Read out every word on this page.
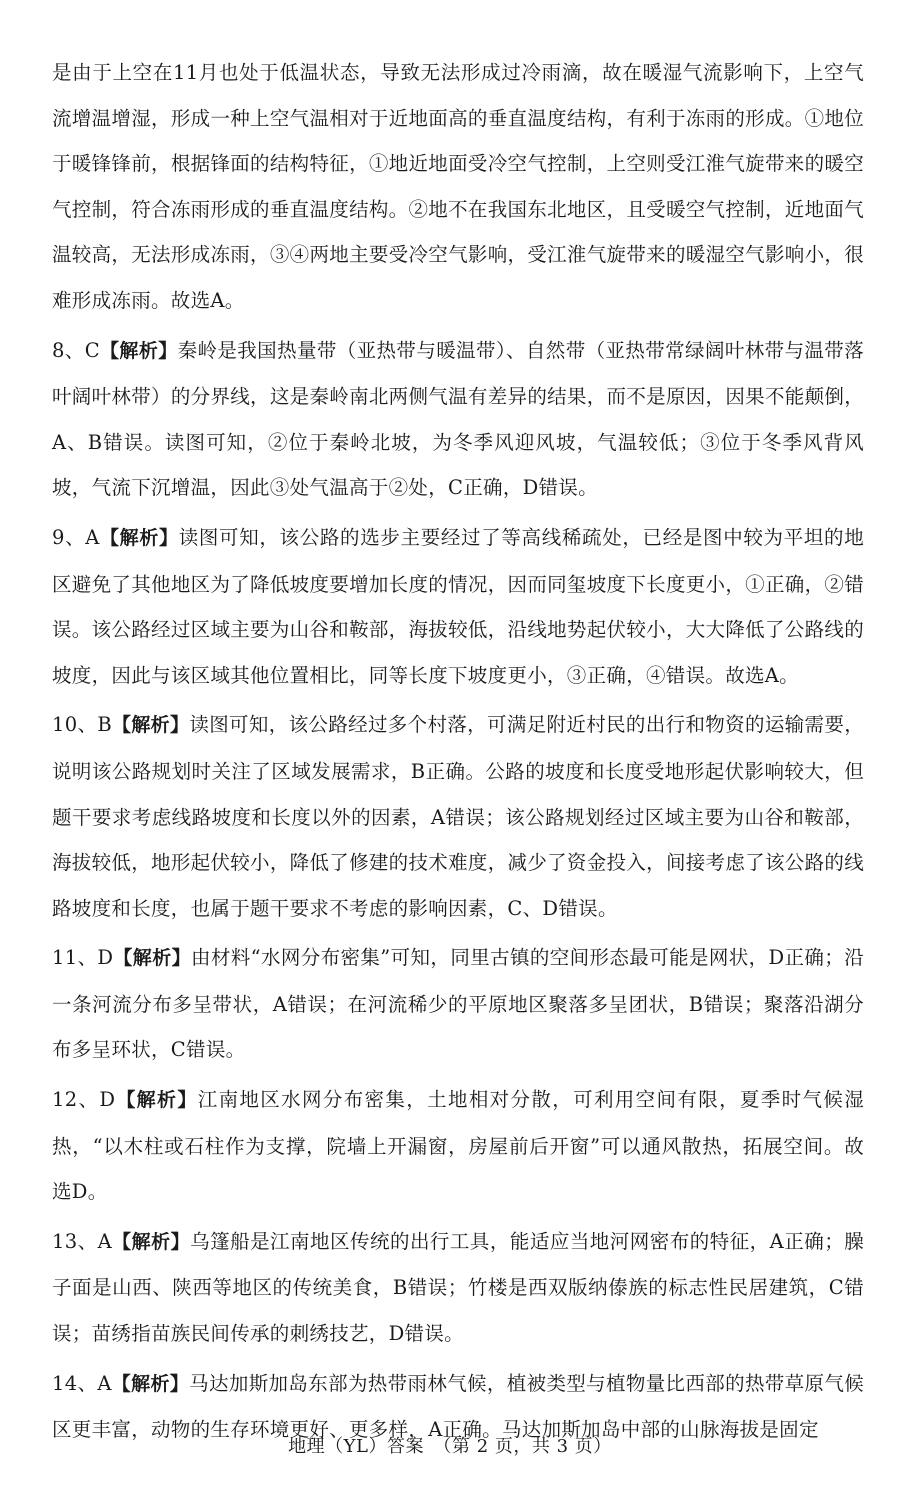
是由于上空在11月也处于低温状态，导致无法形成过冷雨滴，故在暖湿气流影响下，上空气流增温增湿，形成一种上空气温相对于近地面高的垂直温度结构，有利于冻雨的形成。①地位于暖锋锋前，根据锋面的结构特征，①地近地面受冷空气控制，上空则受江淮气旋带来的暖空气控制，符合冻雨形成的垂直温度结构。②地不在我国东北地区，且受暖空气控制，近地面气温较高，无法形成冻雨，③④两地主要受冷空气影响，受江淮气旋带来的暖湿空气影响小，很难形成冻雨。故选A。

8、C【解析】秦岭是我国热量带（亚热带与暖温带）、自然带（亚热带常绿阔叶林带与温带落叶阔叶林带）的分界线，这是秦岭南北两侧气温有差异的结果，而不是原因，因果不能颠倒，A、B错误。读图可知，②位于秦岭北坡，为冬季风迎风坡，气温较低；③位于冬季风背风坡，气流下沉增温，因此③处气温高于②处，C正确，D错误。

9、A【解析】读图可知，该公路的选步主要经过了等高线稀疏处，已经是图中较为平坦的地区避免了其他地区为了降低坡度要增加长度的情况，因而同玺坡度下长度更小，①正确，②错误。该公路经过区域主要为山谷和鞍部，海拔较低，沿线地势起伏较小，大大降低了公路线的坡度，因此与该区域其他位置相比，同等长度下坡度更小，③正确，④错误。故选A。

10、B【解析】读图可知，该公路经过多个村落，可满足附近村民的出行和物资的运输需要，说明该公路规划时关注了区域发展需求，B正确。公路的坡度和长度受地形起伏影响较大，但题干要求考虑线路坡度和长度以外的因素，A错误；该公路规划经过区域主要为山谷和鞍部，海拔较低，地形起伏较小，降低了修建的技术难度，减少了资金投入，间接考虑了该公路的线路坡度和长度，也属于题干要求不考虑的影响因素，C、D错误。

11、D【解析】由材料“水网分布密集”可知，同里古镇的空间形态最可能是网状，D正确；沿一条河流分布多呈带状，A错误；在河流稀少的平原地区聚落多呈团状，B错误；聚落沿湖分布多呈环状，C错误。

12、D【解析】江南地区水网分布密集，土地相对分散，可利用空间有限，夏季时气候湿热，“以木柱或石柱作为支撑，院墙上开漏窗，房屋前后开窗”可以通风散热，拓展空间。故选D。

13、A【解析】乌篷船是江南地区传统的出行工具，能适应当地河网密布的特征，A正确；臊子面是山西、陕西等地区的传统美食，B错误；竹楼是西双版纳傣族的标志性民居建筑，C错误；苗绣指苗族民间传承的刺绣技艺，D错误。

14、A【解析】马达加斯加岛东部为热带雨林气候，植被类型与植物量比西部的热带草原气候区更丰富，动物的生存环境更好、更多样，A正确。马达加斯加岛中部的山脉海拔是固定

地理（YL）答案　（第 2 页，共 3 页）
